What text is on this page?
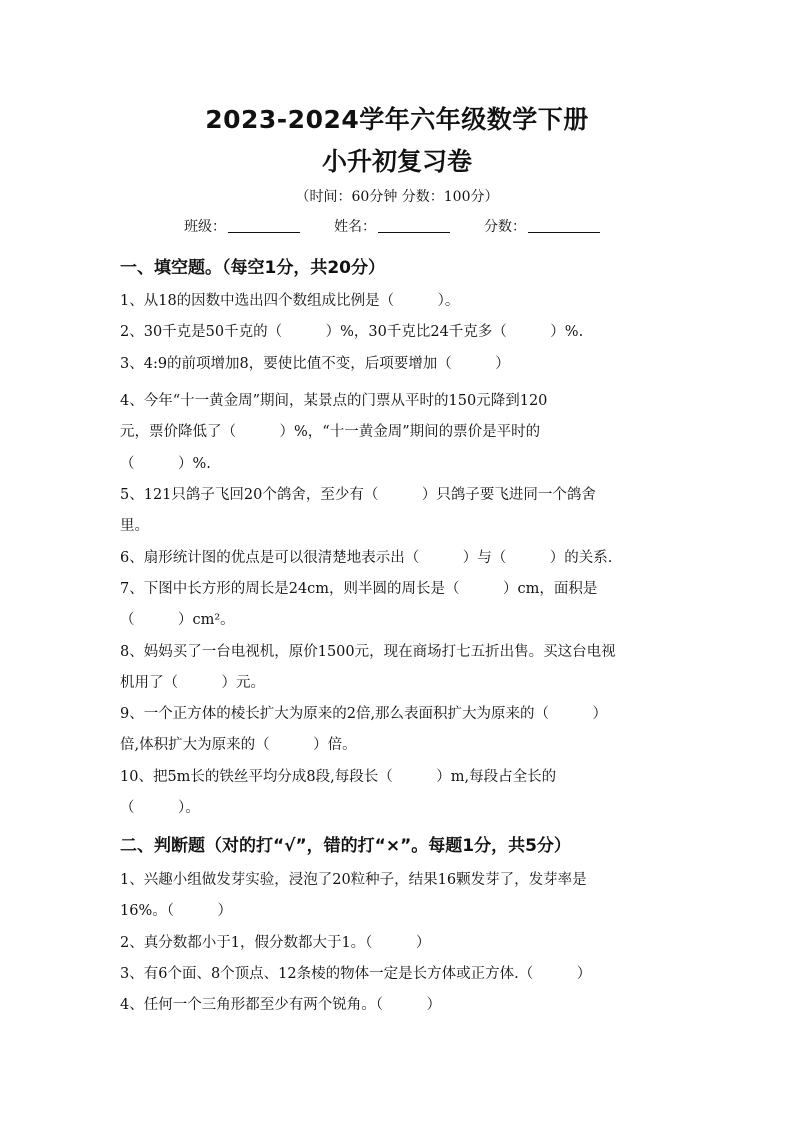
2023-2024学年六年级数学下册
小升初复习卷
（时间：60分钟 分数：100分）
班级：	姓名：	分数：
一、填空题。（每空1分，共20分）
1、从18的因数中选出四个数组成比例是（　　　）。
2、30千克是50千克的（　　　）%，30千克比24千克多（　　　）%.
3、4:9的前项增加8，要使比值不变，后项要增加（　　　）
4、今年“十一黄金周”期间，某景点的门票从平时的150元降到120
元，票价降低了（　　　）%，“十一黄金周”期间的票价是平时的
（　　　）%.
5、121只鸽子飞回20个鸽舍，至少有（　　　）只鸽子要飞进同一个鸽舍
里。
6、扇形统计图的优点是可以很清楚地表示出（　　　）与（　　　）的关系.
7、下图中长方形的周长是24cm，则半圆的周长是（　　　）cm，面积是
（　　　）cm²。
8、妈妈买了一台电视机，原价1500元，现在商场打七五折出售。买这台电视
机用了（　　　）元。
9、一个正方体的棱长扩大为原来的2倍,那么表面积扩大为原来的（　　　）
倍,体积扩大为原来的（　　　）倍。
10、把5m长的铁丝平均分成8段,每段长（　　　）m,每段占全长的
（　　　）。
二、判断题（对的打“√”，错的打“×”。每题1分，共5分）
1、兴趣小组做发芽实验，浸泡了20粒种子，结果16颗发芽了，发芽率是
16%。（　　　）
2、真分数都小于1，假分数都大于1。（　　　）
3、有6个面、8个顶点、12条棱的物体一定是长方体或正方体.（　　　）
4、任何一个三角形都至少有两个锐角。（　　　）
